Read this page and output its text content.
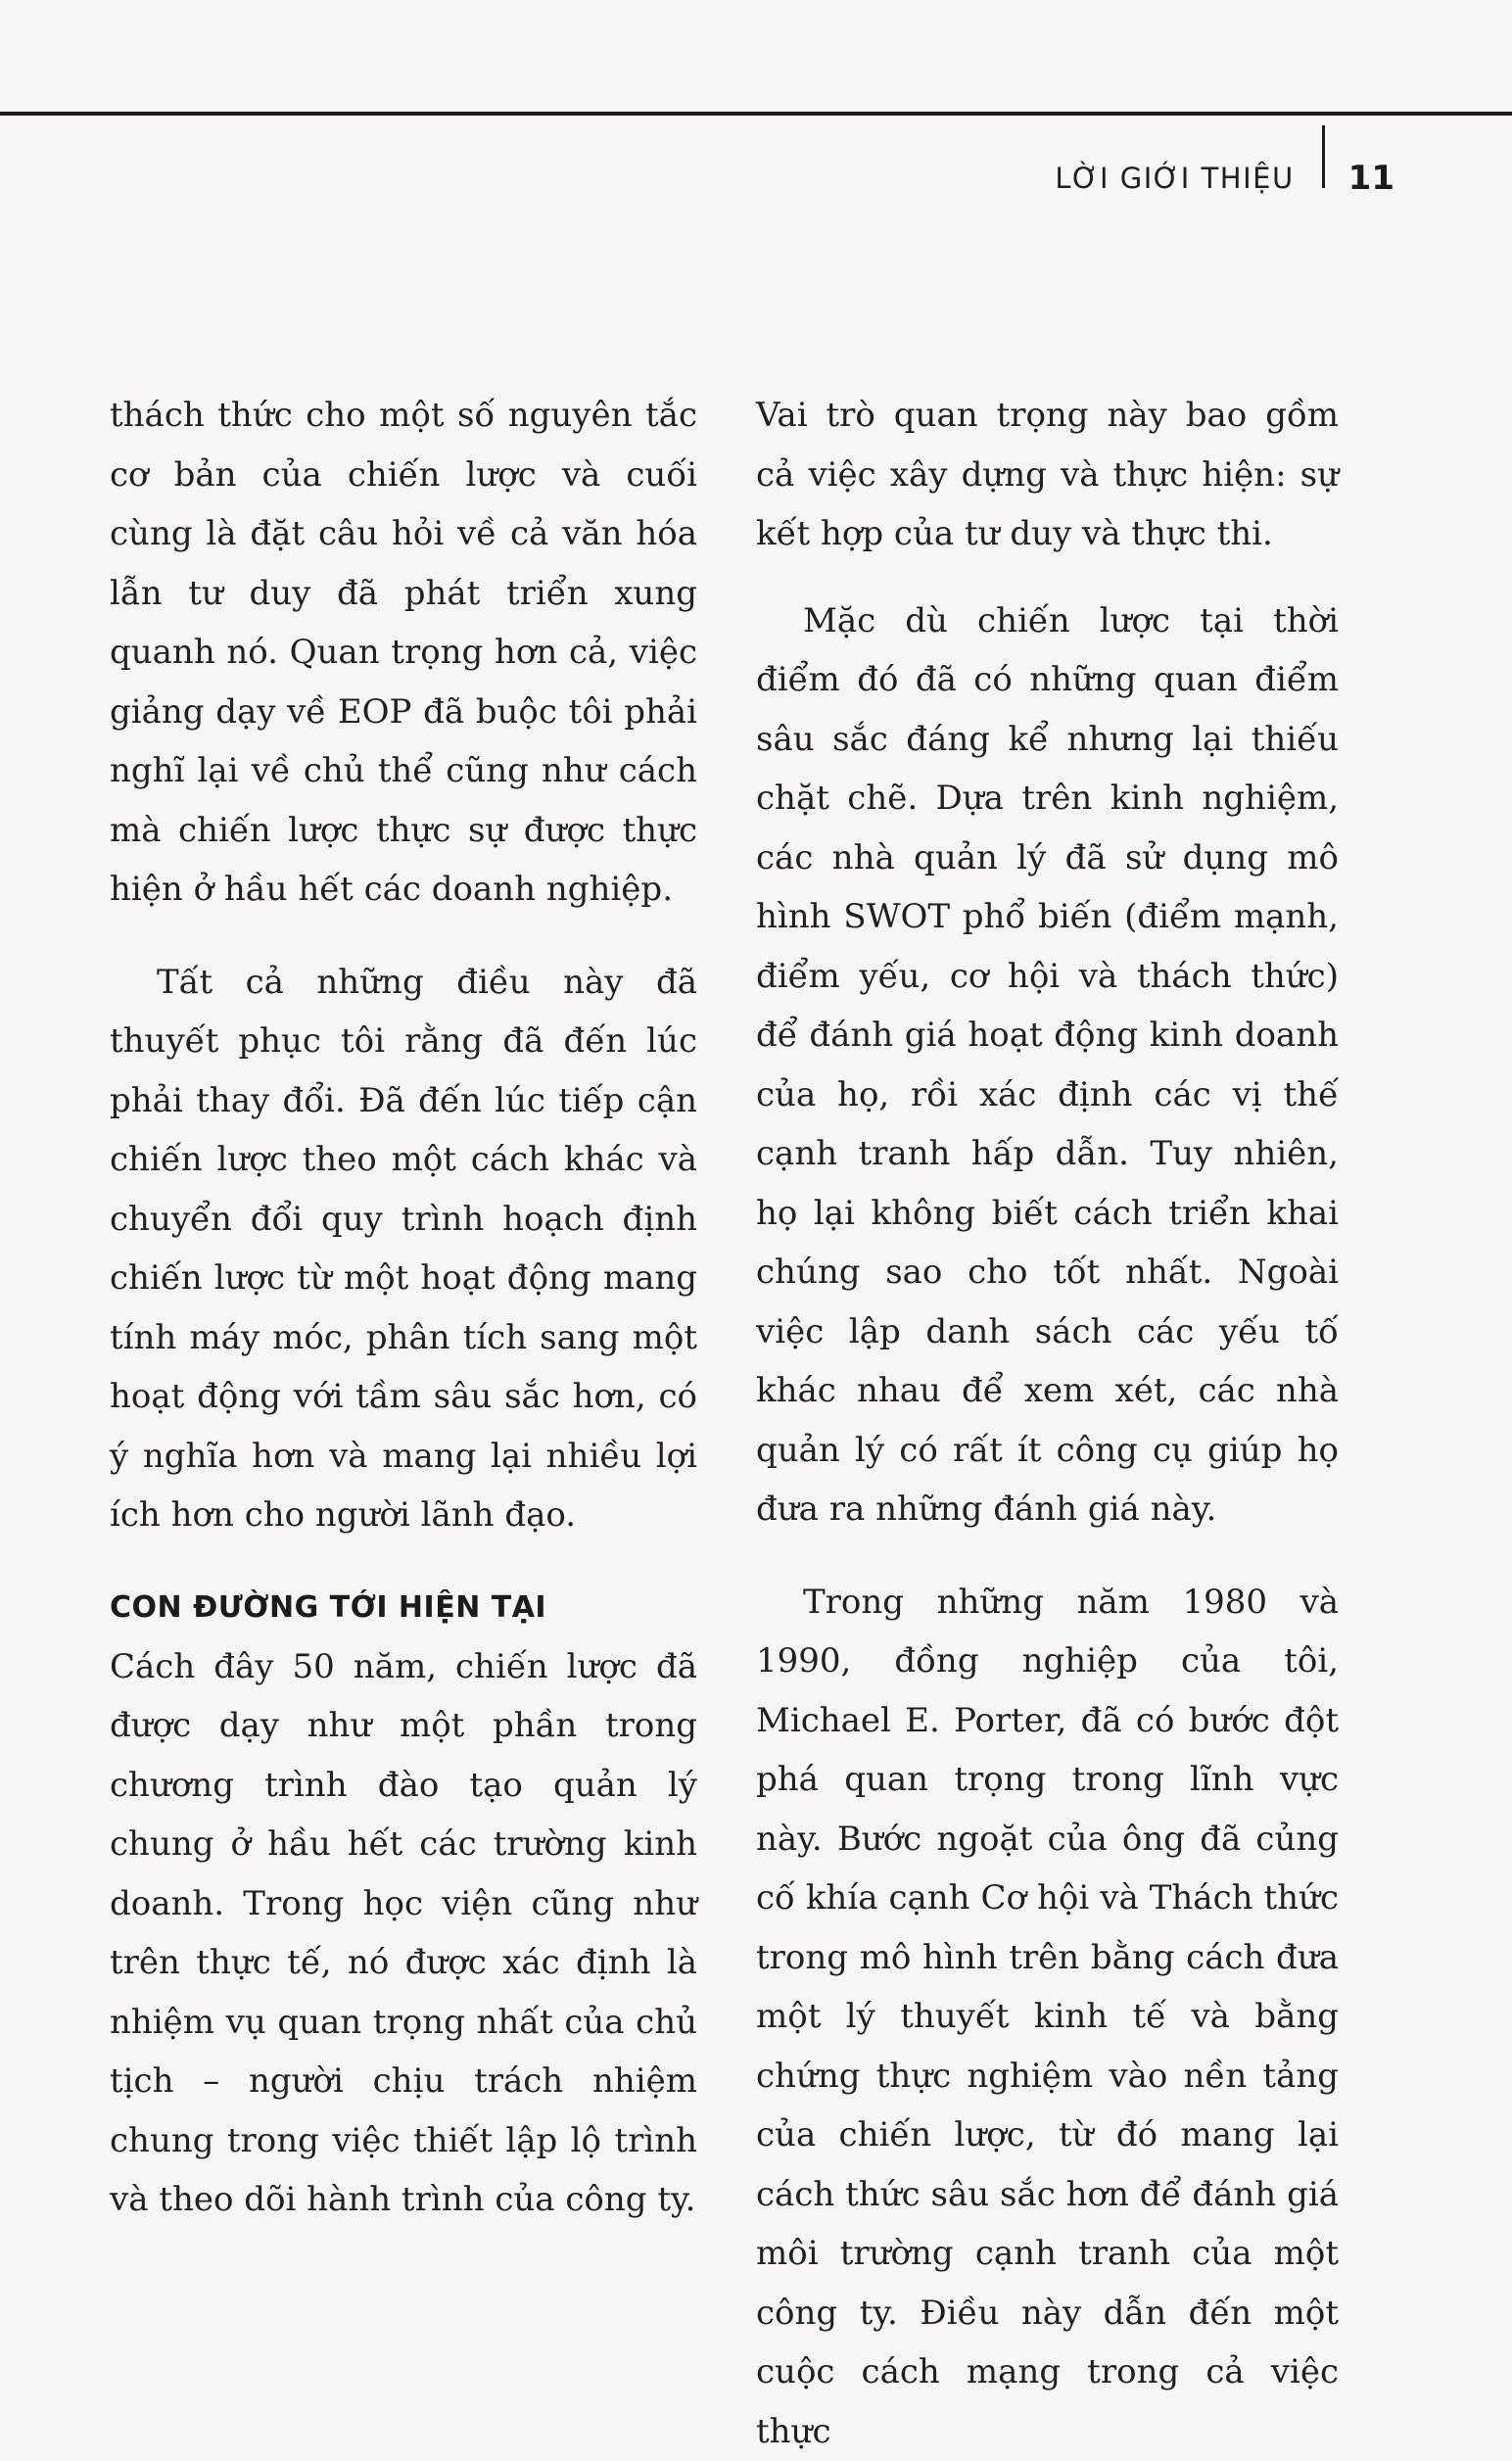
LỜI GIỚI THIỆU 11

thách thức cho một số nguyên tắc cơ bản của chiến lược và cuối cùng là đặt câu hỏi về cả văn hóa lẫn tư duy đã phát triển xung quanh nó. Quan trọng hơn cả, việc giảng dạy về EOP đã buộc tôi phải nghĩ lại về chủ thể cũng như cách mà chiến lược thực sự được thực hiện ở hầu hết các doanh nghiệp.

Tất cả những điều này đã thuyết phục tôi rằng đã đến lúc phải thay đổi. Đã đến lúc tiếp cận chiến lược theo một cách khác và chuyển đổi quy trình hoạch định chiến lược từ một hoạt động mang tính máy móc, phân tích sang một hoạt động với tầm sâu sắc hơn, có ý nghĩa hơn và mang lại nhiều lợi ích hơn cho người lãnh đạo.

CON ĐƯỜNG TỚI HIỆN TẠI

Cách đây 50 năm, chiến lược đã được dạy như một phần trong chương trình đào tạo quản lý chung ở hầu hết các trường kinh doanh. Trong học viện cũng như trên thực tế, nó được xác định là nhiệm vụ quan trọng nhất của chủ tịch – người chịu trách nhiệm chung trong việc thiết lập lộ trình và theo dõi hành trình của công ty.

Vai trò quan trọng này bao gồm cả việc xây dựng và thực hiện: sự kết hợp của tư duy và thực thi.

Mặc dù chiến lược tại thời điểm đó đã có những quan điểm sâu sắc đáng kể nhưng lại thiếu chặt chẽ. Dựa trên kinh nghiệm, các nhà quản lý đã sử dụng mô hình SWOT phổ biến (điểm mạnh, điểm yếu, cơ hội và thách thức) để đánh giá hoạt động kinh doanh của họ, rồi xác định các vị thế cạnh tranh hấp dẫn. Tuy nhiên, họ lại không biết cách triển khai chúng sao cho tốt nhất. Ngoài việc lập danh sách các yếu tố khác nhau để xem xét, các nhà quản lý có rất ít công cụ giúp họ đưa ra những đánh giá này.

Trong những năm 1980 và 1990, đồng nghiệp của tôi, Michael E. Porter, đã có bước đột phá quan trọng trong lĩnh vực này. Bước ngoặt của ông đã củng cố khía cạnh Cơ hội và Thách thức trong mô hình trên bằng cách đưa một lý thuyết kinh tế và bằng chứng thực nghiệm vào nền tảng của chiến lược, từ đó mang lại cách thức sâu sắc hơn để đánh giá môi trường cạnh tranh của một công ty. Điều này dẫn đến một cuộc cách mạng trong cả việc thực
